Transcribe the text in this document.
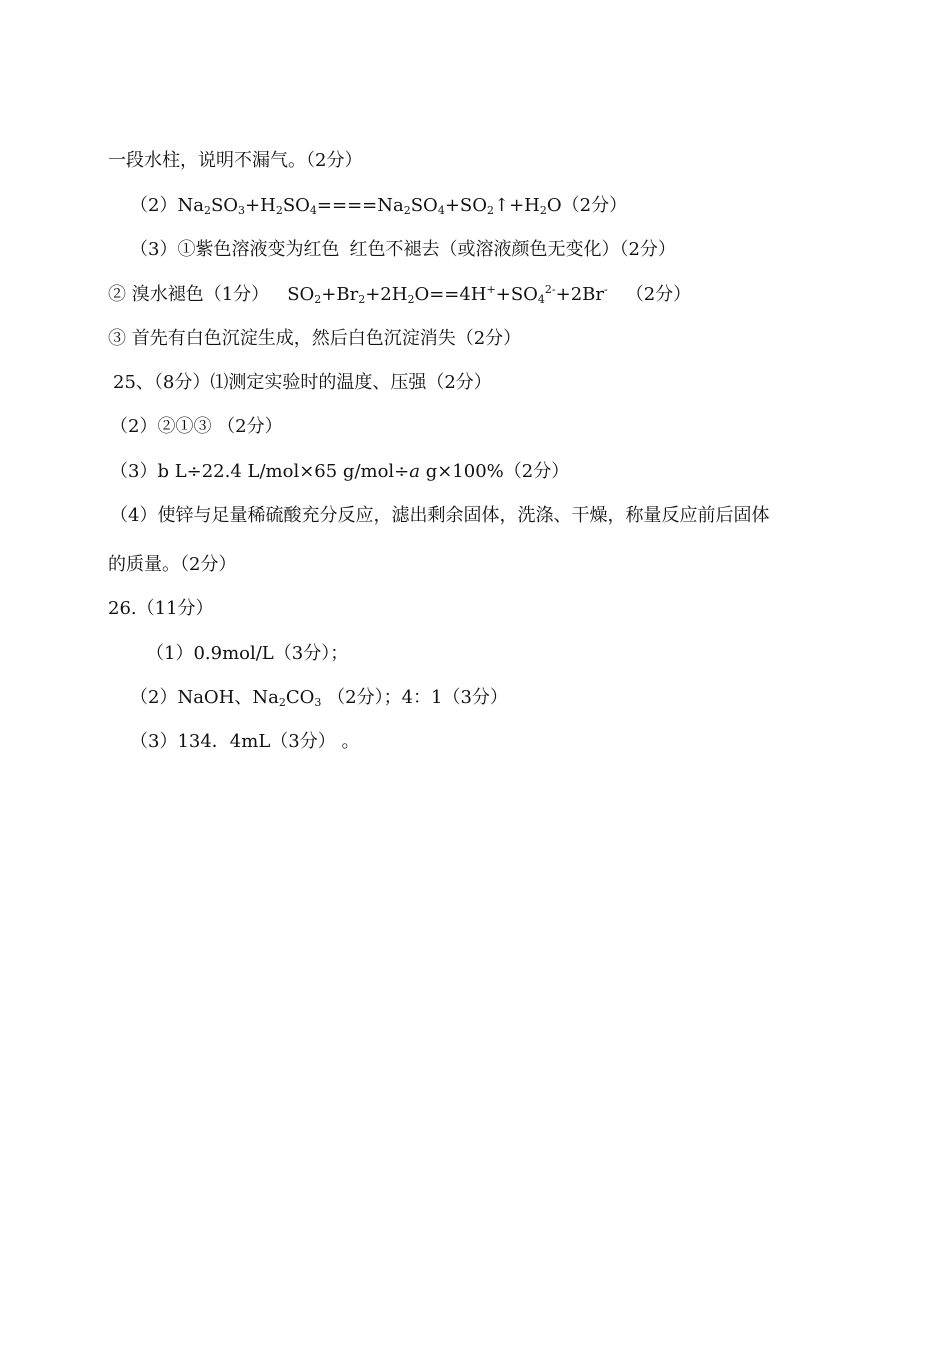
一段水柱，说明不漏气。（2分）
$(2)Na_2SO_3+H_2SO_4====Na_2SO_4+SO_2↑+H_2O(2$分）
（3）①紫色溶液变为红色 红色不褪去（或溶液颜色无变化）（2分）
② 溴水褪色（1分） $SO_2+Br_2+2H_2O==4H^++SO_4^{2-}+2Br^-$ （2分）
③ 首先有白色沉淀生成，然后白色沉淀消失（2分）
25、（8分）⑴测定实验时的温度、压强（2分）
（2）②①③ （2分）
（3）b L÷22.4 L/mol×65 g/mol÷a g×100%（2分）
（4）使锌与足量稀硫酸充分反应，滤出剩余固体，洗涤、干燥，称量反应前后固体
的质量。（2分）
26.（11分）
（1）0.9mol/L（3分）；
（2）NaOH、$Na_2CO_3$ （2分）；4：1（3分）
（3）134．4mL（3分） 。
